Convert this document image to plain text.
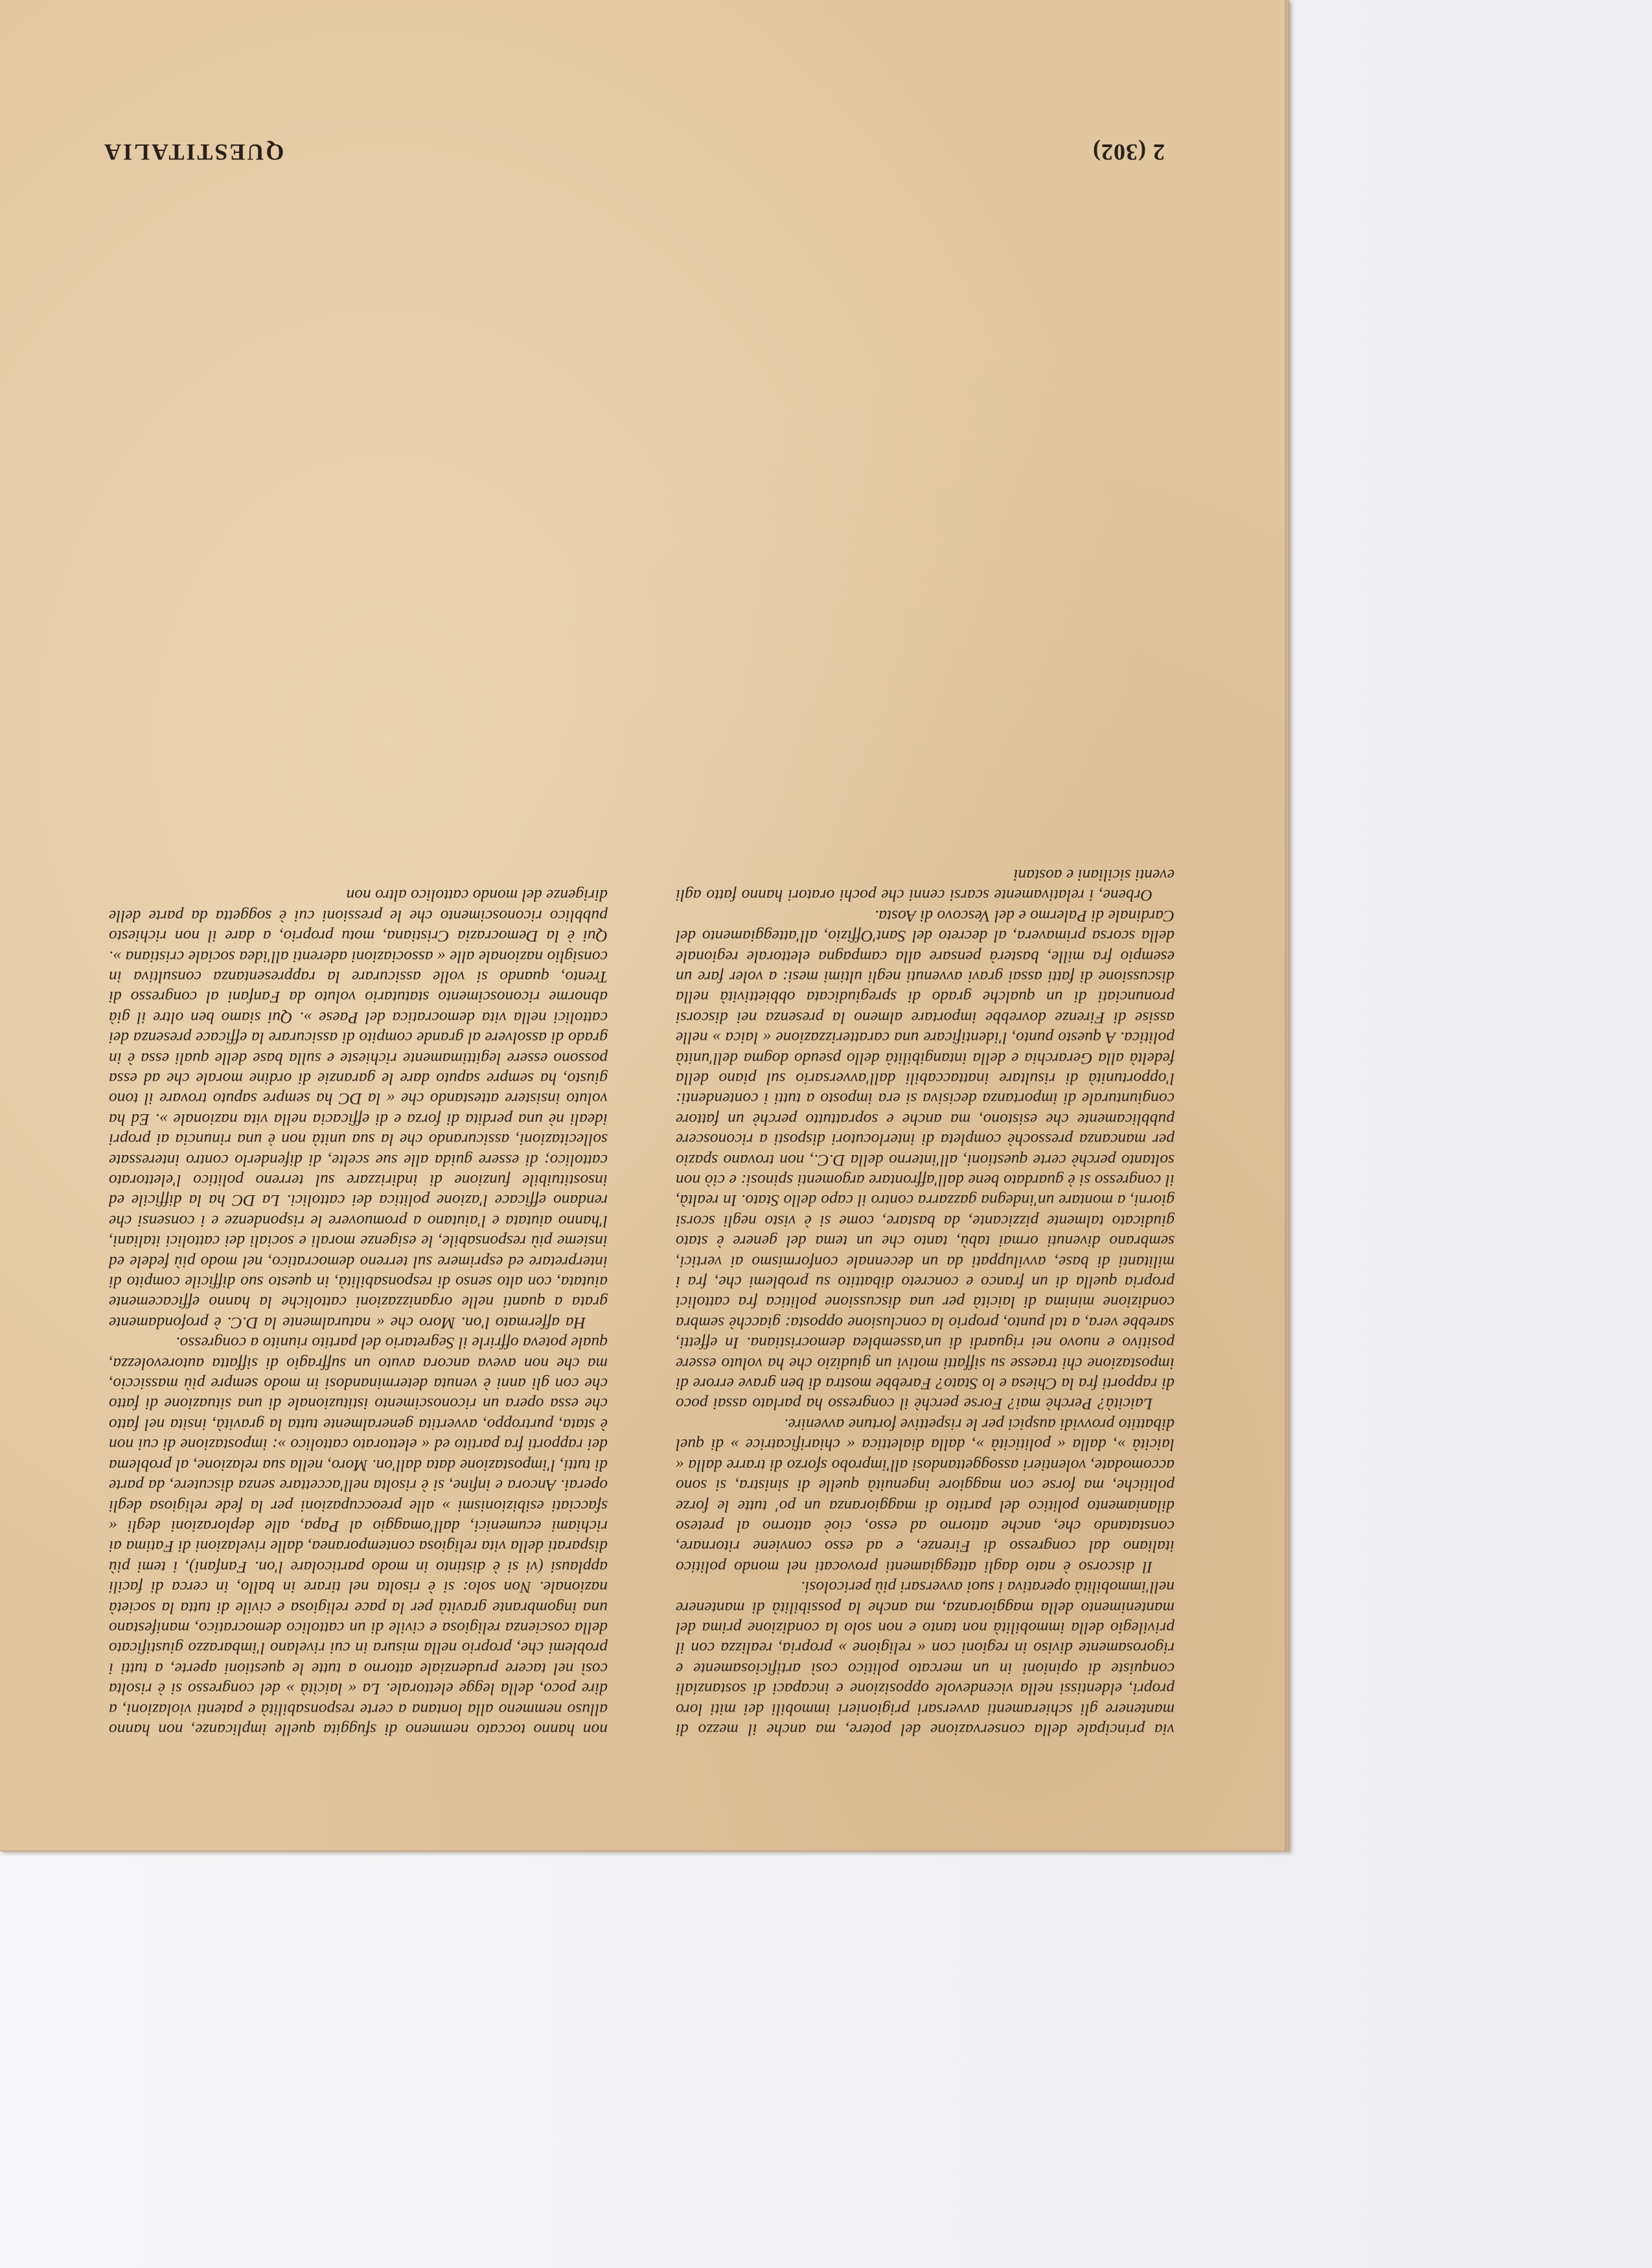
2 (302)
QUESTITALIA

via principale della conservazione del potere, ma anche il mezzo di mantenere gli schieramenti avversari prigionieri immobili dei miti loro propri, eldentissi nella vicendevole opposizione e incapaci di sostanziali conquiste di opinioni in un mercato politico così artificiosamente e rigorosamente diviso in regioni con « religione » propria, realizza con il privilegio della immobilità non tanto e non solo la condizione prima del mantenimento della maggioranza, ma anche la possibilità di mantenere nell'immobilità operativa i suoi avversari più pericolosi.

Il discorso è nato dagli atteggiamenti provocati nel mondo politico italiano dal congresso di Firenze, e ad esso conviene ritornare, constatando che, anche attorno ad esso, cioè attorno al preteso dilaniamento politico del partito di maggioranza un po' tutte le forze politiche, ma forse con maggiore ingenuità quelle di sinistra, si sono accomodate, volentieri assoggettandosi all'improbo sforzo di trarre dalla « laicità », dalla « politicità », dalla dialettica « chiarificatrice » di quel dibattito provvidi auspici per le rispettive fortune avvenire.

Laicità? Perchè mai? Forse perchè il congresso ha parlato assai poco di rapporti fra la Chiesa e lo Stato? Farebbe mostra di ben grave errore di impostazione chi traesse su siffatti motivi un giudizio che ha voluto essere positivo e nuovo nei riguardi di un'assemblea democristiana. In effetti, sarebbe vera, a tal punto, proprio la conclusione opposta: giacchè sembra condizione minima di laicità per una discussione politica fra cattolici propria quella di un franco e concreto dibattito su problemi che, fra i militanti di base, avviluppati da un decennale conformismo ai vertici, sembrano divenuti ormai tabù, tanto che un tema del genere è stato giudicato talmente pizzicante, da bastare, come si è visto negli scorsi giorni, a montare un'indegna gazzarra contro il capo dello Stato. In realtà, il congresso si è guardato bene dall'affrontare argomenti spinosi: e ciò non soltanto perchè certe questioni, all'interno della D.C., non trovano spazio per mancanza pressochè completa di interlocutori disposti a riconoscere pubblicamente che esistono, ma anche e soprattutto perchè un fattore congiunturale di importanza decisiva si era imposto a tutti i contendenti: l'opportunità di risultare inattaccabili dall'avversario sul piano della fedeltà alla Gerarchia e della intangibilità dello pseudo dogma dell'unità politica. A questo punto, l'identificare una caratterizzazione « laica » nelle assise di Firenze dovrebbe importare almeno la presenza nei discorsi pronunciati di un qualche grado di spregiudicata obbiettività nella discussione di fatti assai gravi avvenuti negli ultimi mesi: a voler fare un esempio fra mille, basterà pensare alla campagna elettorale regionale della scorsa primavera, al decreto del Sant'Offizio, all'atteggiamento del Cardinale di Palermo e del Vescovo di Aosta.

Orbene, i relativamente scarsi cenni che pochi oratori hanno fatto agli eventi siciliani e aostani

non hanno toccato nemmeno di sfuggita quelle implicanze, non hanno alluso nemmeno alla lontana a certe responsabilità e patenti violazioni, a dire poco, della legge elettorale. La « laicità » del congresso si è risolta così nel tacere prudenziale attorno a tutte le questioni aperte, a tutti i problemi che, proprio nella misura in cui rivelano l'imbarazzo giustificato della coscienza religiosa e civile di un cattolico democratico, manifestano una ingombrante gravità per la pace religiosa e civile di tutta la società nazionale. Non solo: si è risolta nel tirare in ballo, in cerca di facili applausi (vi si è distinto in modo particolare l'on. Fanfani), i temi più disparati della vita religiosa contemporanea, dalle rivelazioni di Fatima ai richiami ecumenici, dall'omaggio al Papa, alle deplorazioni degli « sfacciati esibizionismi » alle preoccupazioni per la fede religiosa degli operai. Ancora e infine, si è risolta nell'accettare senza discutere, da parte di tutti, l'impostazione data dall'on. Moro, nella sua relazione, al problema dei rapporti fra partito ed « elettorato cattolico »: impostazione di cui non è stata, purtroppo, avvertita generalmente tutta la gravità, insita nel fatto che essa opera un riconoscimento istituzionale di una situazione di fatto che con gli anni è venuta determinandosi in modo sempre più massiccio, ma che non aveva ancora avuto un suffragio di siffatta autorevolezza, quale poteva offrirle il Segretario del partito riunito a congresso.

Ha affermato l'on. Moro che « naturalmente la D.C. è profondamente grata a quanti nelle organizzazioni cattoliche la hanno efficacemente aiutata, con alto senso di responsabilità, in questo suo difficile compito di interpretare ed esprimere sul terreno democratico, nel modo più fedele ed insieme più responsabile, le esigenze morali e sociali dei cattolici italiani, l'hanno aiutata e l'aiutano a promuovere le rispondenze e i consensi che rendano efficace l'azione politica dei cattolici. La DC ha la difficile ed insostituibile funzione di indirizzare sul terreno politico l'elettorato cattolico; di essere guida alle sue scelte, di difenderlo contro interessate sollecitazioni, assicurando che la sua unità non è una rinuncia ai propri ideali nè una perdita di forza e di efficacia nella vita nazionale ». Ed ha voluto insistere attestando che « la DC ha sempre saputo trovare il tono giusto, ha sempre saputo dare le garanzie di ordine morale che ad essa possono essere legittimamente richieste e sulla base delle quali essa è in grado di assolvere al grande compito di assicurare la efficace presenza dei cattolici nella vita democratica del Paese ». Qui siamo ben oltre il già abnorme riconoscimento statutario voluto da Fanfani al congresso di Trento, quando si volle assicurare la rappresentanza consultiva in consiglio nazionale alle « associazioni aderenti all'idea sociale cristiana ». Qui è la Democrazia Cristiana, motu proprio, a dare il non richiesto pubblico riconoscimento che le pressioni cui è soggetta da parte delle dirigenze del mondo cattolico altro non
